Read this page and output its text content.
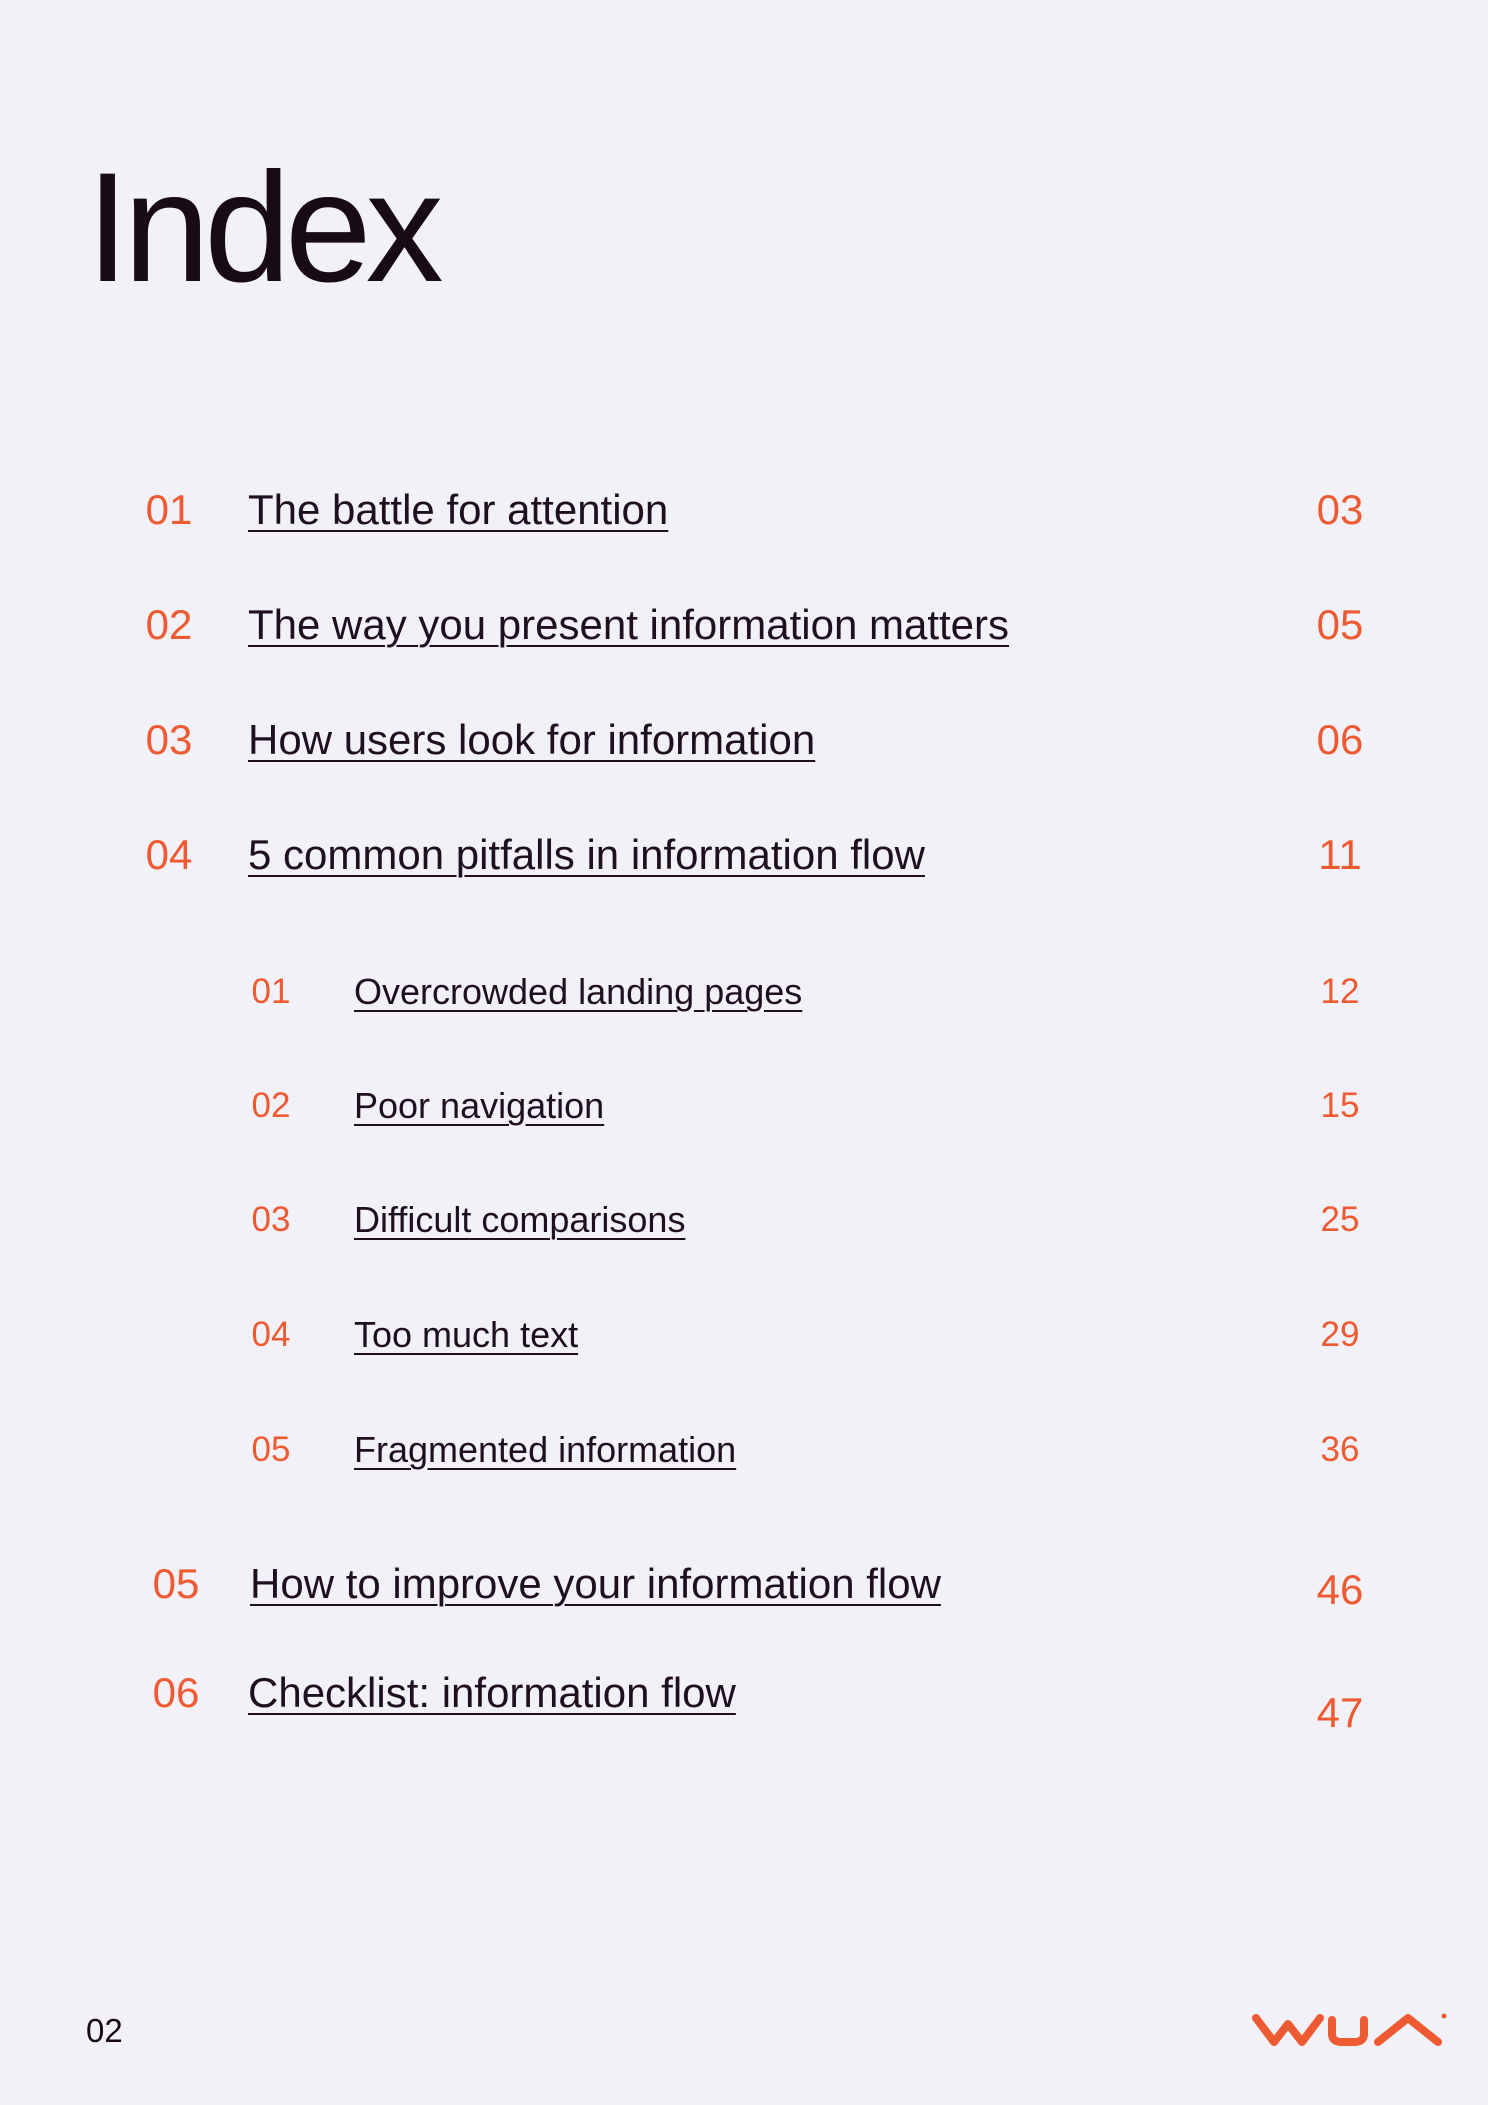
Index
01 The battle for attention	03
02 The way you present information matters	05
03 How users look for information	06
04 5 common pitfalls in information flow	11
01	Overcrowded landing pages	12
02	Poor navigation	15
03	Difficult comparisons	25
04	Too much text	29
05	Fragmented information	36
05 How to improve your information flow	46
06 Checklist: information flow	47
02
